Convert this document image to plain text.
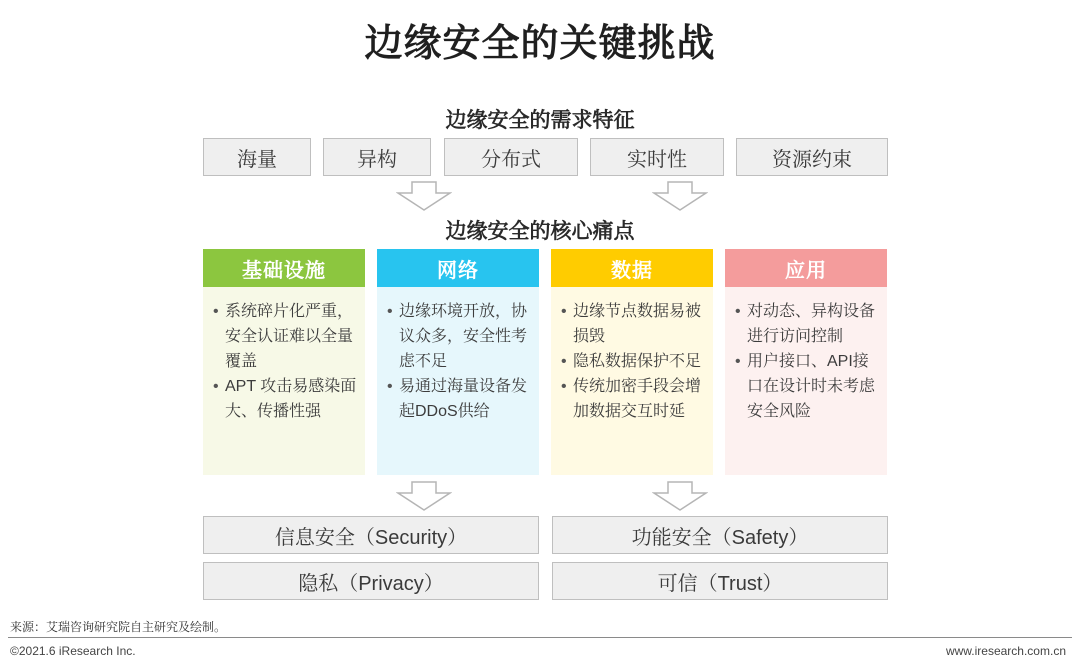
边缘安全的关键挑战
边缘安全的需求特征
海量	异构	分布式	实时性	资源约束
边缘安全的核心痛点
基础设施
• 系统碎片化严重，安全认证难以全量覆盖
• APT 攻击易感染面大、传播性强
网络
• 边缘环境开放，协议众多，安全性考虑不足
• 易通过海量设备发起DDoS供给
数据
• 边缘节点数据易被损毁
• 隐私数据保护不足
• 传统加密手段会增加数据交互时延
应用
• 对动态、异构设备进行访问控制
• 用户接口、API接口在设计时未考虑安全风险
信息安全（Security）	功能安全（Safety）
隐私（Privacy）	可信（Trust）
来源：艾瑞咨询研究院自主研究及绘制。
©2021.6 iResearch Inc.	www.iresearch.com.cn
